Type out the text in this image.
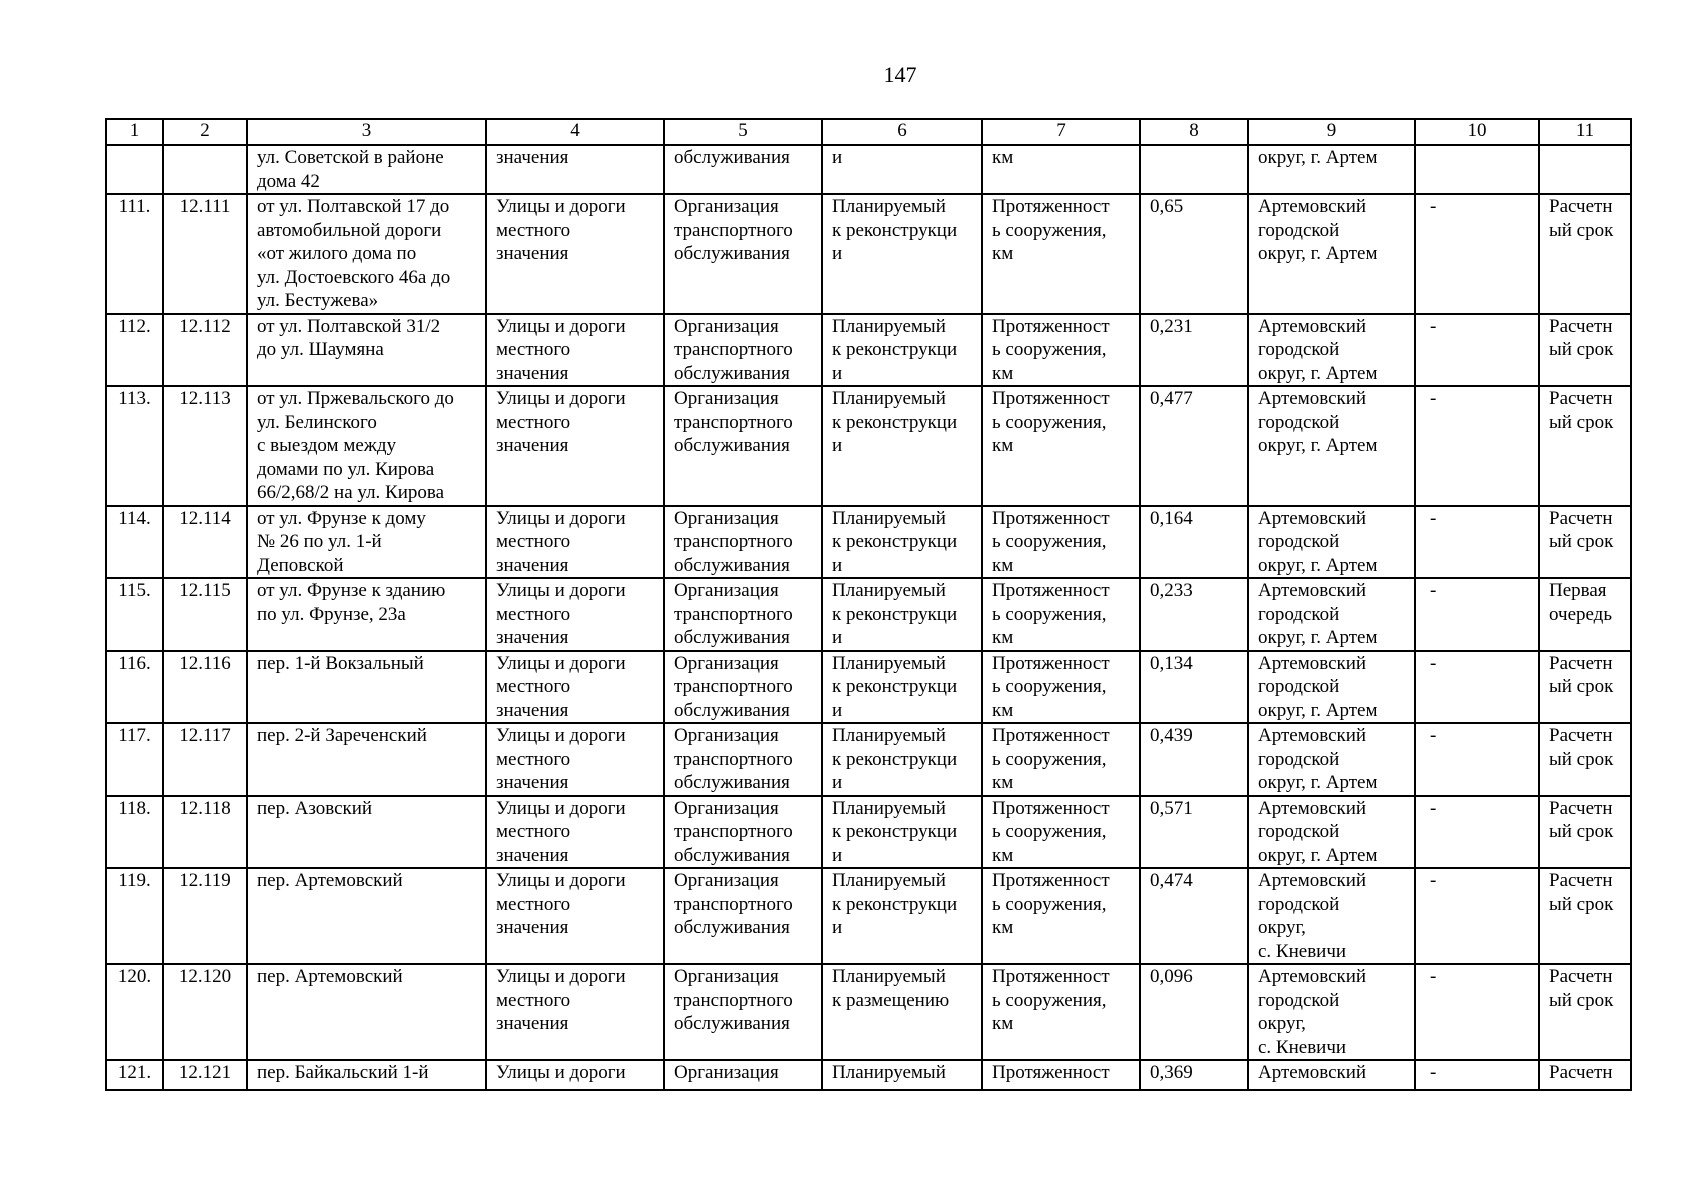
147
1	2	3	4	5	6	7	8	9	10	11
		ул. Советской в районе
дома 42	значения	обслуживания	и	км		округ, г. Артем		
111.	12.111	от ул. Полтавской 17 до
автомобильной дороги
«от жилого дома по
ул. Достоевского 46а до
ул. Бестужева»	Улицы и дороги
местного
значения	Организация
транспортного
обслуживания	Планируемый
к реконструкци
и	Протяженност
ь сооружения,
км	0,65	Артемовский
городской
округ, г. Артем	-	Расчетн
ый срок
112.	12.112	от ул. Полтавской 31/2
до ул. Шаумяна	Улицы и дороги
местного
значения	Организация
транспортного
обслуживания	Планируемый
к реконструкци
и	Протяженност
ь сооружения,
км	0,231	Артемовский
городской
округ, г. Артем	-	Расчетн
ый срок
113.	12.113	от ул. Пржевальского до
ул. Белинского
с выездом между
домами по ул. Кирова
66/2,68/2 на ул. Кирова	Улицы и дороги
местного
значения	Организация
транспортного
обслуживания	Планируемый
к реконструкци
и	Протяженност
ь сооружения,
км	0,477	Артемовский
городской
округ, г. Артем	-	Расчетн
ый срок
114.	12.114	от ул. Фрунзе к дому
№ 26 по ул. 1-й
Деповской	Улицы и дороги
местного
значения	Организация
транспортного
обслуживания	Планируемый
к реконструкци
и	Протяженност
ь сооружения,
км	0,164	Артемовский
городской
округ, г. Артем	-	Расчетн
ый срок
115.	12.115	от ул. Фрунзе к зданию
по ул. Фрунзе, 23а	Улицы и дороги
местного
значения	Организация
транспортного
обслуживания	Планируемый
к реконструкци
и	Протяженност
ь сооружения,
км	0,233	Артемовский
городской
округ, г. Артем	-	Первая
очередь
116.	12.116	пер. 1-й Вокзальный	Улицы и дороги
местного
значения	Организация
транспортного
обслуживания	Планируемый
к реконструкци
и	Протяженност
ь сооружения,
км	0,134	Артемовский
городской
округ, г. Артем	-	Расчетн
ый срок
117.	12.117	пер. 2-й Зареченский	Улицы и дороги
местного
значения	Организация
транспортного
обслуживания	Планируемый
к реконструкци
и	Протяженност
ь сооружения,
км	0,439	Артемовский
городской
округ, г. Артем	-	Расчетн
ый срок
118.	12.118	пер. Азовский	Улицы и дороги
местного
значения	Организация
транспортного
обслуживания	Планируемый
к реконструкци
и	Протяженност
ь сооружения,
км	0,571	Артемовский
городской
округ, г. Артем	-	Расчетн
ый срок
119.	12.119	пер. Артемовский	Улицы и дороги
местного
значения	Организация
транспортного
обслуживания	Планируемый
к реконструкци
и	Протяженност
ь сооружения,
км	0,474	Артемовский
городской
округ,
с. Кневичи	-	Расчетн
ый срок
120.	12.120	пер. Артемовский	Улицы и дороги
местного
значения	Организация
транспортного
обслуживания	Планируемый
к размещению	Протяженност
ь сооружения,
км	0,096	Артемовский
городской
округ,
с. Кневичи	-	Расчетн
ый срок
121.	12.121	пер. Байкальский 1-й	Улицы и дороги	Организация	Планируемый	Протяженност	0,369	Артемовский	-	Расчетн
